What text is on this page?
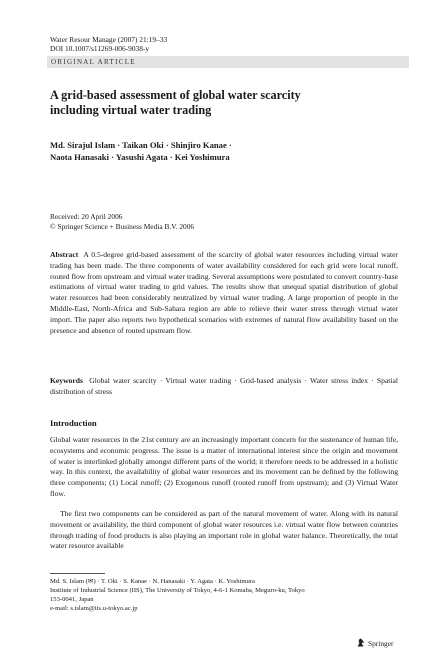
Water Resour Manage (2007) 21:19–33
DOI 10.1007/s11269-006-9038-y
ORIGINAL ARTICLE
A grid-based assessment of global water scarcity
including virtual water trading
Md. Sirajul Islam · Taikan Oki · Shinjiro Kanae ·
Naota Hanasaki · Yasushi Agata · Kei Yoshimura
Received: 20 April 2006
© Springer Science + Business Media B.V. 2006
Abstract A 0.5-degree grid-based assessment of the scarcity of global water resources including virtual water trading has been made. The three components of water availability considered for each grid were local runoff, routed flow from upstream and virtual water trading. Several assumptions were postulated to convert country-base estimations of virtual water trading to grid values. The results show that unequal spatial distribution of global water resources had been considerably neutralized by virtual water trading. A large proportion of people in the Middle-East, North-Africa and Sub-Sahara region are able to relieve their water stress through virtual water import. The paper also reports two hypothetical scenarios with extremes of natural flow availability based on the presence and absence of routed upstream flow.
Keywords Global water scarcity · Virtual water trading · Grid-based analysis · Water stress index · Spatial distribution of stress
Introduction
Global water resources in the 21st century are an increasingly important concern for the sustenance of human life, ecosystems and economic progress. The issue is a matter of international interest since the origin and movement of water is interlinked globally amongst different parts of the world; it therefore needs to be addressed in a holistic way. In this context, the availability of global water resources and its movement can be defined by the following three components; (1) Local runoff; (2) Exogenous runoff (routed runoff from upstream); and (3) Virtual Water flow.
The first two components can be considered as part of the natural movement of water. Along with its natural movement or availability, the third component of global water resources i.e. virtual water flow between countries through trading of food products is also playing an important role in global water balance. Theoretically, the total water resource available
Md. S. Islam (✉) · T. Oki · S. Kanae · N. Hanasaki · Y. Agata · K. Yoshimura
Institute of Industrial Science (IIS), The University of Tokyo, 4-6-1 Komaba, Meguro-ku, Tokyo
153-0041, Japan
e-mail: s.islam@iis.u-tokyo.ac.jp
Springer
